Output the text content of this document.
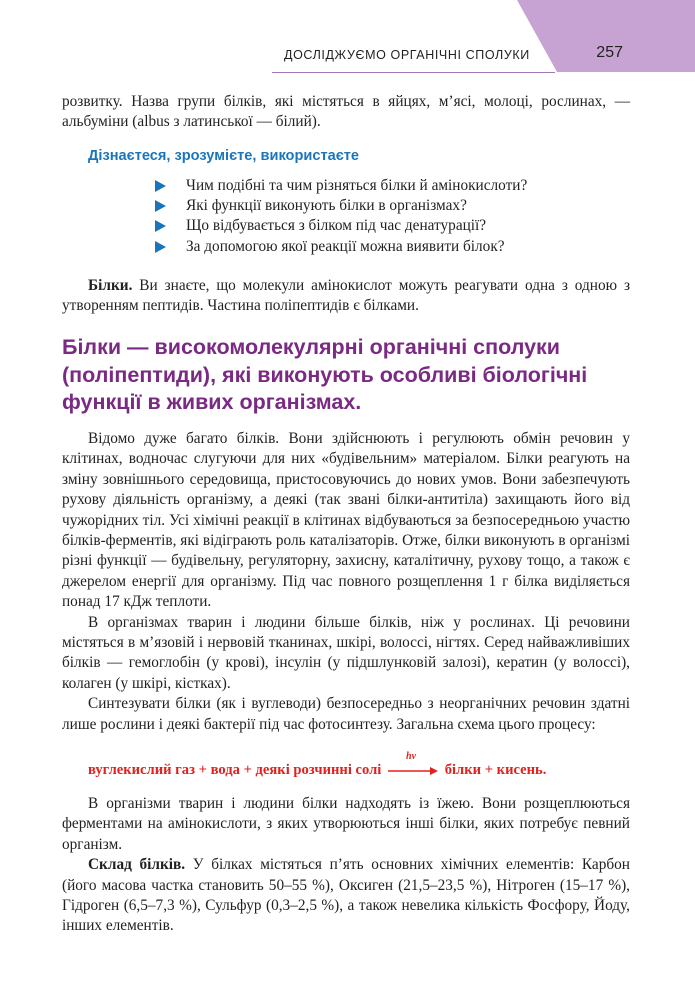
ДОСЛІДЖУЄМО ОРГАНІЧНІ СПОЛУКИ	257

розвитку. Назва групи білків, які містяться в яйцях, м’ясі, молоці, рослинах, — альбуміни (albus з латинської — білий).

Дізнаєтеся, зрозумієте, використаєте
Чим подібні та чим різняться білки й амінокислоти?
Які функції виконують білки в організмах?
Що відбувається з білком під час денатурації?
За допомогою якої реакції можна виявити білок?

Білки. Ви знаєте, що молекули амінокислот можуть реагувати одна з одною з утворенням пептидів. Частина поліпептидів є білками.

Білки — високомолекулярні органічні сполуки (поліпептиди), які виконують особливі біологічні функції в живих організмах.

Відомо дуже багато білків. Вони здійснюють і регулюють обмін речовин у клітинах, водночас слугуючи для них «будівельним» матеріалом. Білки реагують на зміну зовнішнього середовища, пристосовуючись до нових умов. Вони забезпечують рухову діяльність організму, а деякі (так звані білки-антитіла) захищають його від чужорідних тіл. Усі хімічні реакції в клітинах відбуваються за безпосередньою участю білків-ферментів, які відіграють роль каталізаторів. Отже, білки виконують в організмі різні функції — будівельну, регуляторну, захисну, каталітичну, рухову тощо, а також є джерелом енергії для організму. Під час повного розщеплення 1 г білка виділяється понад 17 кДж теплоти.

В організмах тварин і людини більше білків, ніж у рослинах. Ці речовини містяться в м’язовій і нервовій тканинах, шкірі, волоссі, нігтях. Серед найважливіших білків — гемоглобін (у крові), інсулін (у підшлунковій залозі), кератин (у волоссі), колаген (у шкірі, кістках).

Синтезувати білки (як і вуглеводи) безпосередньо з неорганічних речовин здатні лише рослини і деякі бактерії під час фотосинтезу. Загальна схема цього процесу:

вуглекислий газ + вода + деякі розчинні солі
hν
білки + кисень.

В організми тварин і людини білки надходять із їжею. Вони розщеплюються ферментами на амінокислоти, з яких утворюються інші білки, яких потребує певний організм.

Склад білків. У білках містяться п’ять основних хімічних елементів: Карбон (його масова частка становить 50–55 %), Оксиген (21,5–23,5 %), Нітроген (15–17 %), Гідроген (6,5–7,3 %), Сульфур (0,3–2,5 %), а також невелика кількість Фосфору, Йоду, інших елементів.
